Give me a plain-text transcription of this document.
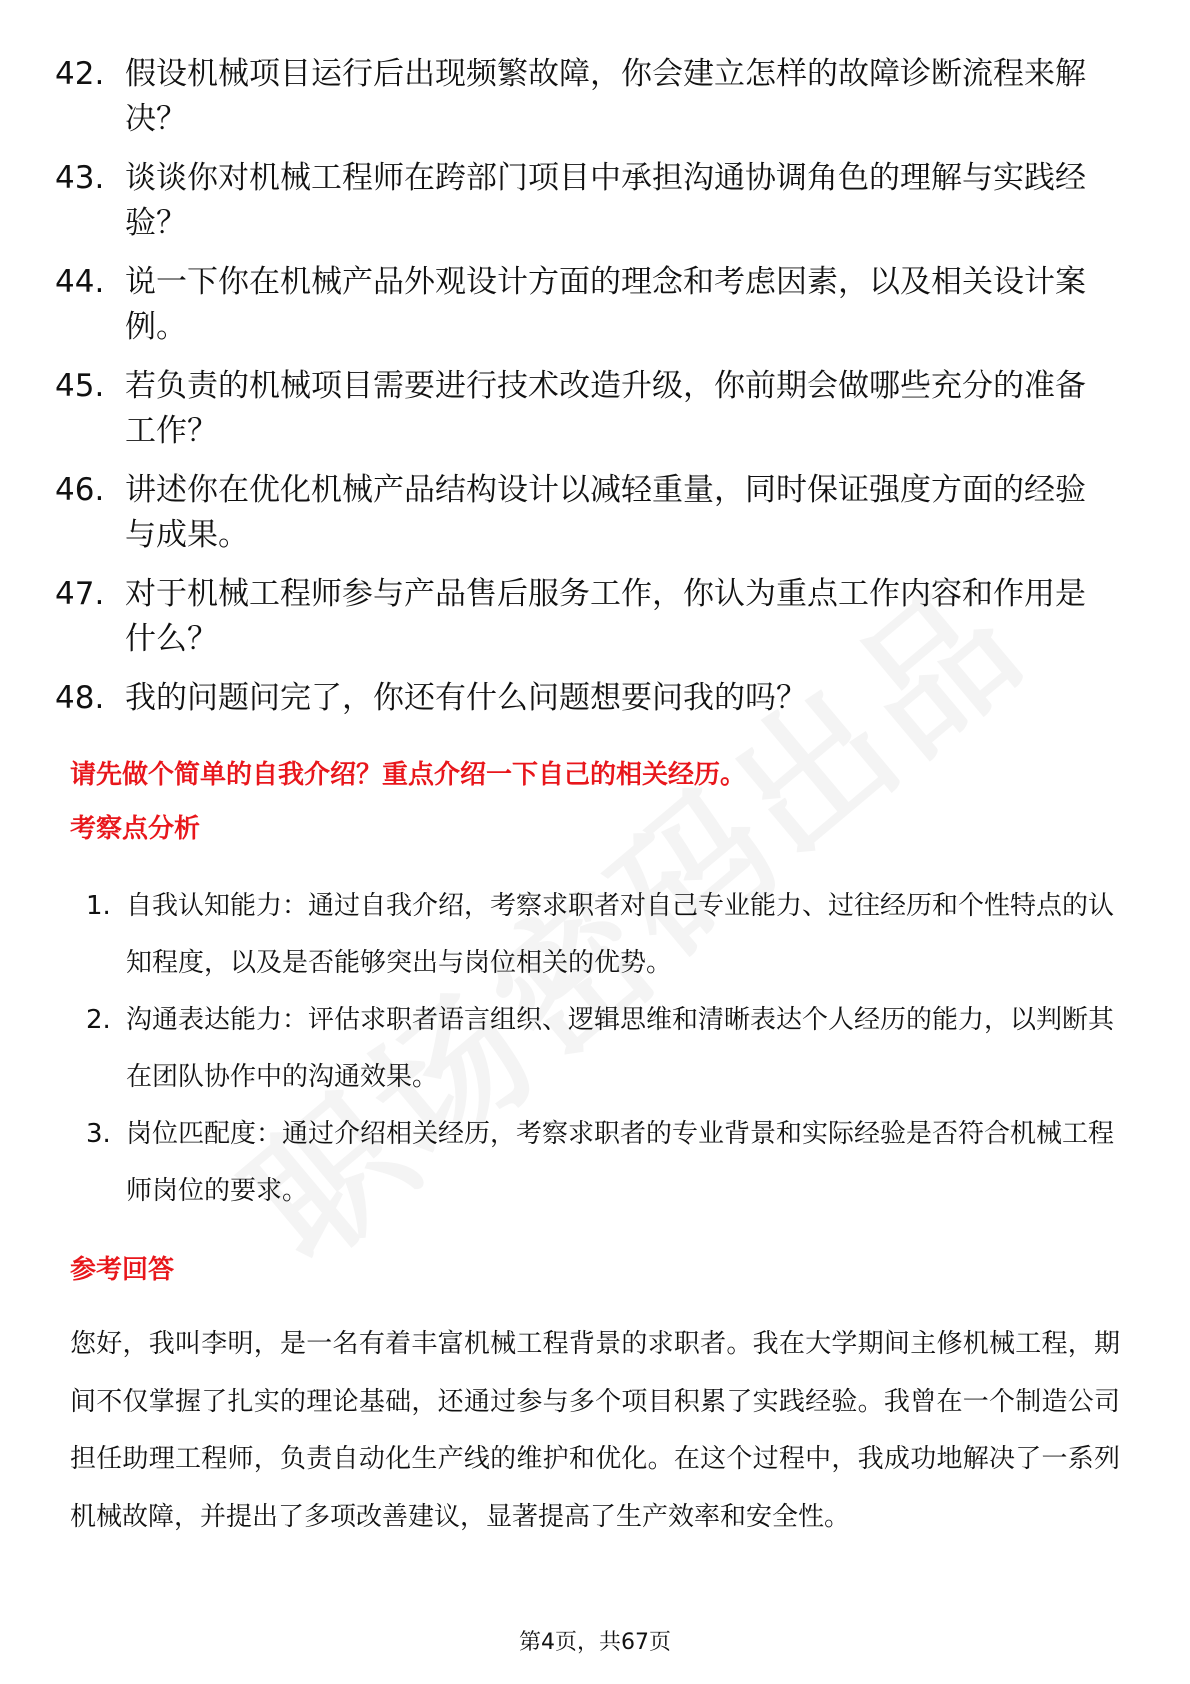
42. 假设机械项目运行后出现频繁故障，你会建立怎样的故障诊断流程来解决？
43. 谈谈你对机械工程师在跨部门项目中承担沟通协调角色的理解与实践经验？
44. 说一下你在机械产品外观设计方面的理念和考虑因素，以及相关设计案例。
45. 若负责的机械项目需要进行技术改造升级，你前期会做哪些充分的准备工作？
46. 讲述你在优化机械产品结构设计以减轻重量，同时保证强度方面的经验与成果。
47. 对于机械工程师参与产品售后服务工作，你认为重点工作内容和作用是什么？
48. 我的问题问完了，你还有什么问题想要问我的吗？
请先做个简单的自我介绍？重点介绍一下自己的相关经历。
考察点分析
1. 自我认知能力：通过自我介绍，考察求职者对自己专业能力、过往经历和个性特点的认知程度，以及是否能够突出与岗位相关的优势。
2. 沟通表达能力：评估求职者语言组织、逻辑思维和清晰表达个人经历的能力，以判断其在团队协作中的沟通效果。
3. 岗位匹配度：通过介绍相关经历，考察求职者的专业背景和实际经验是否符合机械工程师岗位的要求。
参考回答
您好，我叫李明，是一名有着丰富机械工程背景的求职者。我在大学期间主修机械工程，期间不仅掌握了扎实的理论基础，还通过参与多个项目积累了实践经验。我曾在一个制造公司担任助理工程师，负责自动化生产线的维护和优化。在这个过程中，我成功地解决了一系列机械故障，并提出了多项改善建议，显著提高了生产效率和安全性。
第4页，共67页
